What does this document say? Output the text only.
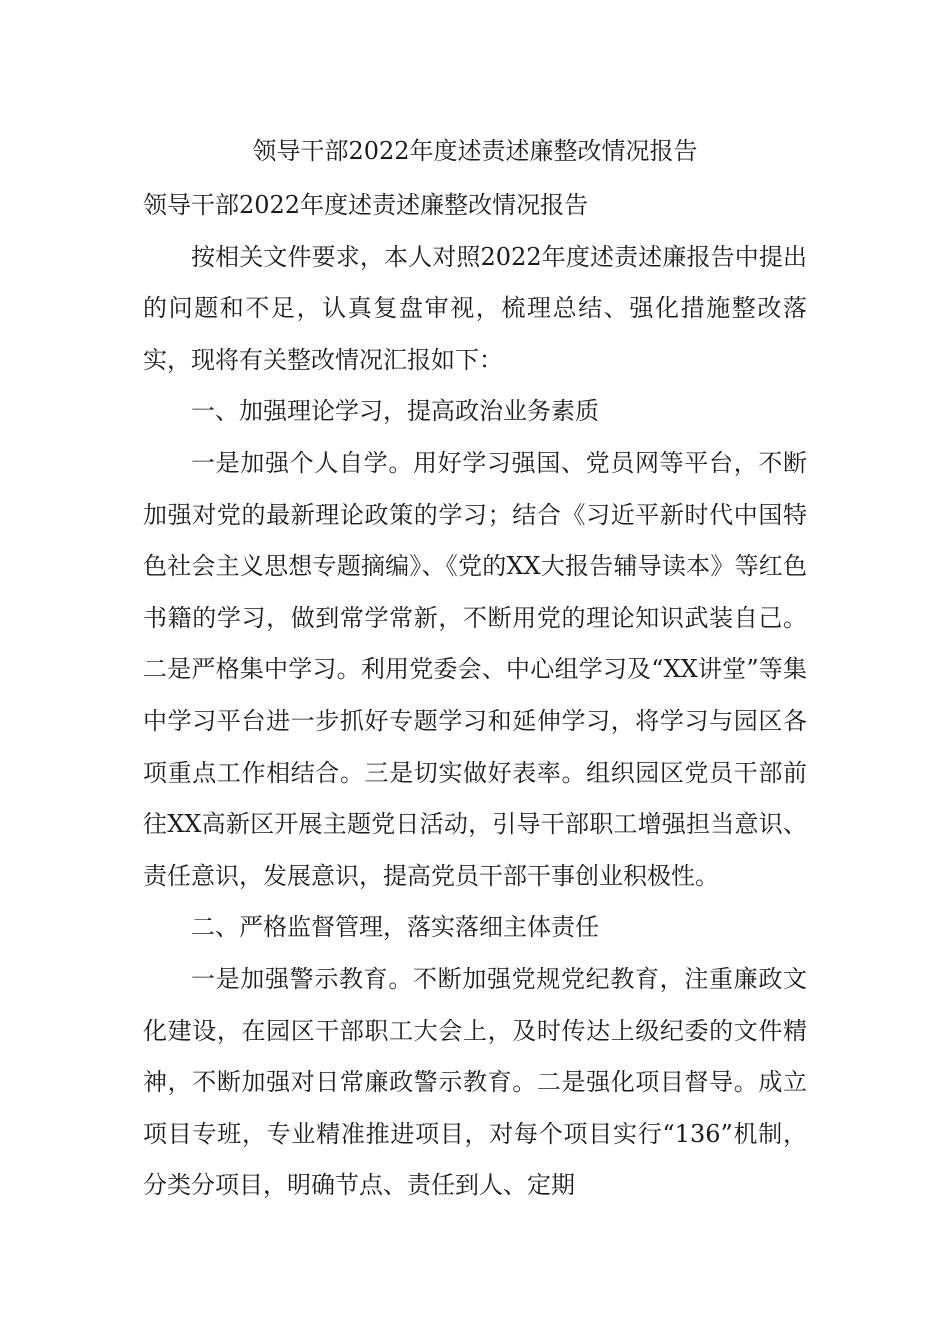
领导干部2022年度述责述廉整改情况报告

领导干部2022年度述责述廉整改情况报告

按相关文件要求，本人对照2022年度述责述廉报告中提出的问题和不足，认真复盘审视，梳理总结、强化措施整改落实，现将有关整改情况汇报如下：

一、加强理论学习，提高政治业务素质

一是加强个人自学。用好学习强国、党员网等平台，不断加强对党的最新理论政策的学习；结合《习近平新时代中国特色社会主义思想专题摘编》、《党的XX大报告辅导读本》等红色书籍的学习，做到常学常新，不断用党的理论知识武装自己。二是严格集中学习。利用党委会、中心组学习及“XX讲堂”等集中学习平台进一步抓好专题学习和延伸学习，将学习与园区各项重点工作相结合。三是切实做好表率。组织园区党员干部前往XX高新区开展主题党日活动，引导干部职工增强担当意识、责任意识，发展意识，提高党员干部干事创业积极性。

二、严格监督管理，落实落细主体责任

一是加强警示教育。不断加强党规党纪教育，注重廉政文化建设，在园区干部职工大会上，及时传达上级纪委的文件精神，不断加强对日常廉政警示教育。二是强化项目督导。成立项目专班，专业精准推进项目，对每个项目实行“136”机制，分类分项目，明确节点、责任到人、定期
